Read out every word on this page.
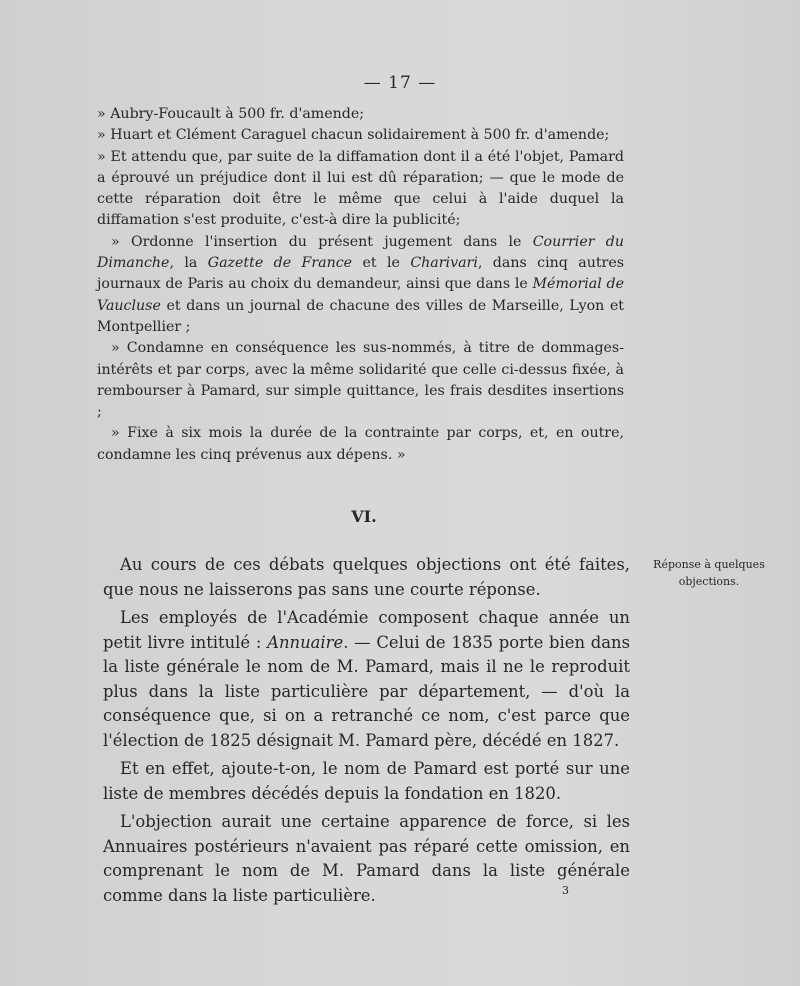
— 17 —

» Aubry-Foucault à 500 fr. d'amende;

» Huart et Clément Caraguel chacun solidairement à 500 fr. d'amende;

» Et attendu que, par suite de la diffamation dont il a été l'objet, Pamard a éprouvé un préjudice dont il lui est dû réparation; — que le mode de cette réparation doit être le même que celui à l'aide duquel la diffamation s'est produite, c'est-à dire la publicité;

» Ordonne l'insertion du présent jugement dans le Courrier du Dimanche, la Gazette de France et le Charivari, dans cinq autres journaux de Paris au choix du demandeur, ainsi que dans le Mémorial de Vaucluse et dans un journal de chacune des villes de Marseille, Lyon et Montpellier ;

» Condamne en conséquence les sus-nommés, à titre de dommages-intérêts et par corps, avec la même solidarité que celle ci-dessus fixée, à rembourser à Pamard, sur simple quittance, les frais desdites insertions ;

» Fixe à six mois la durée de la contrainte par corps, et, en outre, condamne les cinq prévenus aux dépens. »

VI.
Réponse à quelques objections.

Au cours de ces débats quelques objections ont été faites, que nous ne laisserons pas sans une courte réponse.

Les employés de l'Académie composent chaque année un petit livre intitulé : Annuaire. — Celui de 1835 porte bien dans la liste générale le nom de M. Pamard, mais il ne le reproduit plus dans la liste particulière par département, — d'où la conséquence que, si on a retranché ce nom, c'est parce que l'élection de 1825 désignait M. Pamard père, décédé en 1827.

Et en effet, ajoute-t-on, le nom de Pamard est porté sur une liste de membres décédés depuis la fondation en 1820.

L'objection aurait une certaine apparence de force, si les Annuaires postérieurs n'avaient pas réparé cette omission, en comprenant le nom de M. Pamard dans la liste générale comme dans la liste particulière.	3
